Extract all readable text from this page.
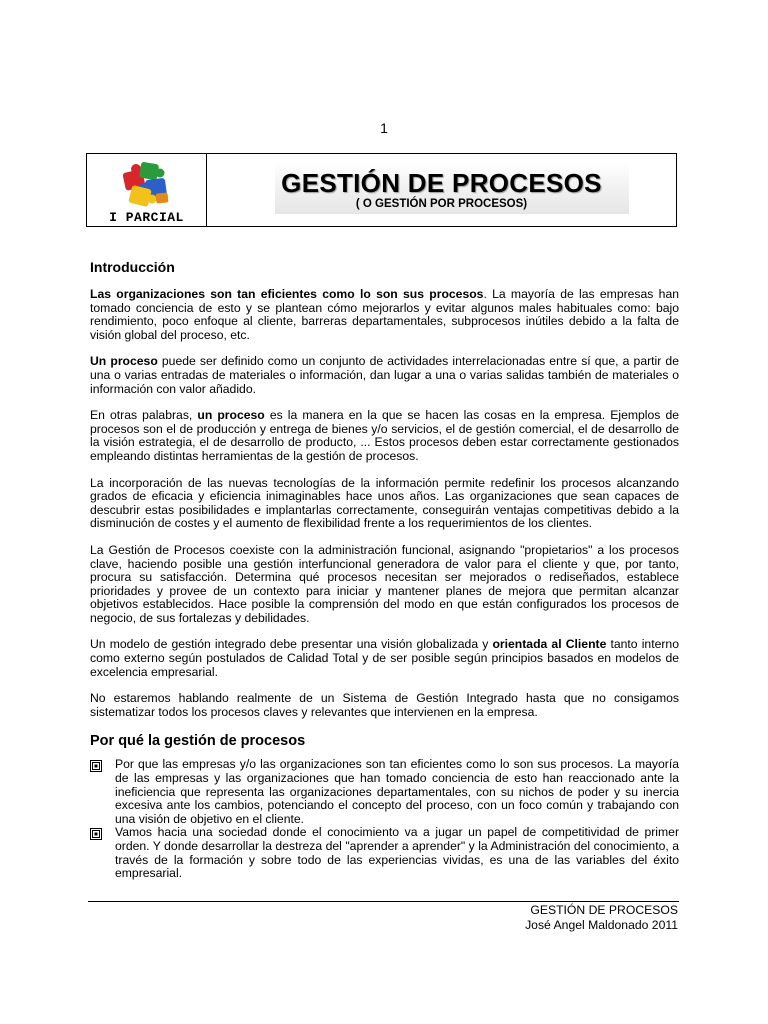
1
I PARCIAL
GESTIÓN DE PROCESOS
( O GESTIÓN POR PROCESOS)
Introducción

Las organizaciones son tan eficientes como lo son sus procesos. La mayoría de las empresas han tomado conciencia de esto y se plantean cómo mejorarlos y evitar algunos males habituales como: bajo rendimiento, poco enfoque al cliente, barreras departamentales, subprocesos inútiles debido a la falta de visión global del proceso, etc.

Un proceso puede ser definido como un conjunto de actividades interrelacionadas entre sí que, a partir de una o varias entradas de materiales o información, dan lugar a una o varias salidas también de materiales o información con valor añadido.

En otras palabras, un proceso es la manera en la que se hacen las cosas en la empresa. Ejemplos de procesos son el de producción y entrega de bienes y/o servicios, el de gestión comercial, el de desarrollo de la visión estrategia, el de desarrollo de producto, ... Estos procesos deben estar correctamente gestionados empleando distintas herramientas de la gestión de procesos.

La incorporación de las nuevas tecnologías de la información permite redefinir los procesos alcanzando grados de eficacia y eficiencia inimaginables hace unos años. Las organizaciones que sean capaces de descubrir estas posibilidades e implantarlas correctamente, conseguirán ventajas competitivas debido a la disminución de costes y el aumento de flexibilidad frente a los requerimientos de los clientes.

La Gestión de Procesos coexiste con la administración funcional, asignando "propietarios" a los procesos clave, haciendo posible una gestión interfuncional generadora de valor para el cliente y que, por tanto, procura su satisfacción. Determina qué procesos necesitan ser mejorados o rediseñados, establece prioridades y provee de un contexto para iniciar y mantener planes de mejora que permitan alcanzar objetivos establecidos. Hace posible la comprensión del modo en que están configurados los procesos de negocio, de sus fortalezas y debilidades.

Un modelo de gestión integrado debe presentar una visión globalizada y orientada al Cliente tanto interno como externo según postulados de Calidad Total y de ser posible según principios basados en modelos de excelencia empresarial.

No estaremos hablando realmente de un Sistema de Gestión Integrado hasta que no consigamos sistematizar todos los procesos claves y relevantes que intervienen en la empresa.

Por qué la gestión de procesos
Por que las empresas y/o las organizaciones son tan eficientes como lo son sus procesos. La mayoría de las empresas y las organizaciones que han tomado conciencia de esto han reaccionado ante la ineficiencia que representa las organizaciones departamentales, con su nichos de poder y su inercia excesiva ante los cambios, potenciando el concepto del proceso, con un foco común y trabajando con una visión de objetivo en el cliente.
Vamos hacia una sociedad donde el conocimiento va a jugar un papel de competitividad de primer orden. Y donde desarrollar la destreza del "aprender a aprender" y la Administración del conocimiento, a través de la formación y sobre todo de las experiencias vividas, es una de las variables del éxito empresarial.
GESTIÓN DE PROCESOS
José Angel Maldonado 2011
